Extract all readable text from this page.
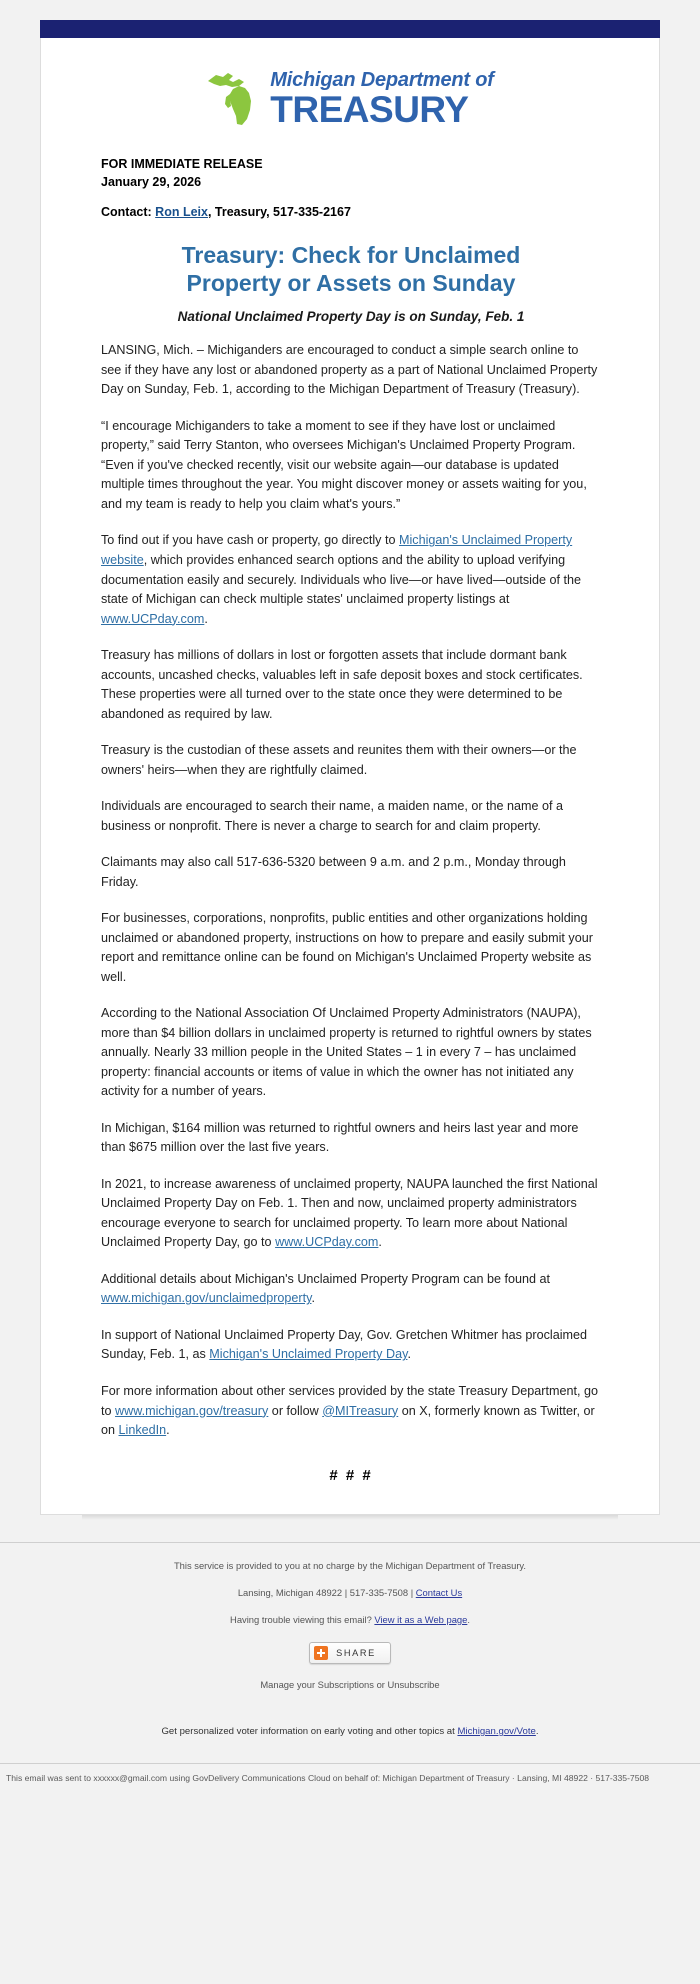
Michigan Department of
TREASURY
FOR IMMEDIATE RELEASE
January 29, 2026
Contact: Ron Leix, Treasury, 517-335-2167
Treasury: Check for Unclaimed
Property or Assets on Sunday
National Unclaimed Property Day is on Sunday, Feb. 1

LANSING, Mich. – Michiganders are encouraged to conduct a simple search online to see if they have any lost or abandoned property as a part of National Unclaimed Property Day on Sunday, Feb. 1, according to the Michigan Department of Treasury (Treasury).

“I encourage Michiganders to take a moment to see if they have lost or unclaimed property,” said Terry Stanton, who oversees Michigan's Unclaimed Property Program. “Even if you've checked recently, visit our website again—our database is updated multiple times throughout the year. You might discover money or assets waiting for you, and my team is ready to help you claim what's yours.”

To find out if you have cash or property, go directly to Michigan's Unclaimed Property website, which provides enhanced search options and the ability to upload verifying documentation easily and securely. Individuals who live—or have lived—outside of the state of Michigan can check multiple states' unclaimed property listings at www.UCPday.com.

Treasury has millions of dollars in lost or forgotten assets that include dormant bank accounts, uncashed checks, valuables left in safe deposit boxes and stock certificates. These properties were all turned over to the state once they were determined to be abandoned as required by law.

Treasury is the custodian of these assets and reunites them with their owners—or the owners' heirs—when they are rightfully claimed.

Individuals are encouraged to search their name, a maiden name, or the name of a business or nonprofit. There is never a charge to search for and claim property.

Claimants may also call 517-636-5320 between 9 a.m. and 2 p.m., Monday through Friday.

For businesses, corporations, nonprofits, public entities and other organizations holding unclaimed or abandoned property, instructions on how to prepare and easily submit your report and remittance online can be found on Michigan's Unclaimed Property website as well.

According to the National Association Of Unclaimed Property Administrators (NAUPA), more than $4 billion dollars in unclaimed property is returned to rightful owners by states annually. Nearly 33 million people in the United States – 1 in every 7 – has unclaimed property: financial accounts or items of value in which the owner has not initiated any activity for a number of years.

In Michigan, $164 million was returned to rightful owners and heirs last year and more than $675 million over the last five years.

In 2021, to increase awareness of unclaimed property, NAUPA launched the first National Unclaimed Property Day on Feb. 1. Then and now, unclaimed property administrators encourage everyone to search for unclaimed property. To learn more about National Unclaimed Property Day, go to www.UCPday.com.

Additional details about Michigan's Unclaimed Property Program can be found at www.michigan.gov/unclaimedproperty.

In support of National Unclaimed Property Day, Gov. Gretchen Whitmer has proclaimed Sunday, Feb. 1, as Michigan's Unclaimed Property Day.

For more information about other services provided by the state Treasury Department, go to www.michigan.gov/treasury or follow @MITreasury on X, formerly known as Twitter, or on LinkedIn.

# # #
This service is provided to you at no charge by the Michigan Department of Treasury.
Lansing, Michigan 48922 | 517-335-7508 | Contact Us
Having trouble viewing this email? View it as a Web page.
SHARE
Manage your Subscriptions or Unsubscribe
Get personalized voter information on early voting and other topics at Michigan.gov/Vote.
This email was sent to xxxxxx@gmail.com using GovDelivery Communications Cloud on behalf of: Michigan Department of Treasury · Lansing, MI 48922 · 517-335-7508
